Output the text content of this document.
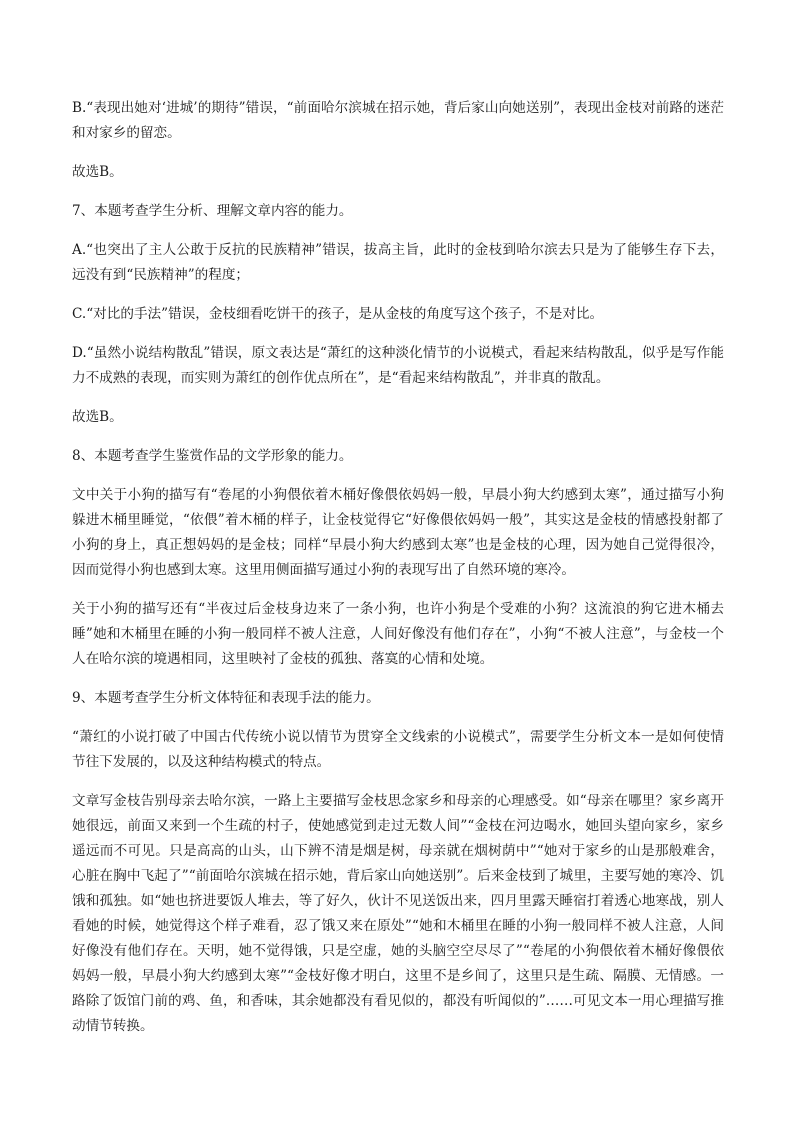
B.“表现出她对‘进城’的期待”错误，“前面哈尔滨城在招示她，背后家山向她送别”，表现出金枝对前路的迷茫和对家乡的留恋。

故选B。

7、本题考查学生分析、理解文章内容的能力。

A.“也突出了主人公敢于反抗的民族精神”错误，拔高主旨，此时的金枝到哈尔滨去只是为了能够生存下去，远没有到“民族精神”的程度；

C.“对比的手法”错误，金枝细看吃饼干的孩子，是从金枝的角度写这个孩子，不是对比。

D.“虽然小说结构散乱”错误，原文表达是“萧红的这种淡化情节的小说模式，看起来结构散乱，似乎是写作能力不成熟的表现，而实则为萧红的创作优点所在”，是“看起来结构散乱”，并非真的散乱。

故选B。

8、本题考查学生鉴赏作品的文学形象的能力。

文中关于小狗的描写有“卷尾的小狗偎依着木桶好像偎依妈妈一般，早晨小狗大约感到太寒”，通过描写小狗躲进木桶里睡觉，“依偎”着木桶的样子，让金枝觉得它“好像偎依妈妈一般”，其实这是金枝的情感投射都了小狗的身上，真正想妈妈的是金枝；同样“早晨小狗大约感到太寒”也是金枝的心理，因为她自己觉得很冷，因而觉得小狗也感到太寒。这里用侧面描写通过小狗的表现写出了自然环境的寒冷。

关于小狗的描写还有“半夜过后金枝身边来了一条小狗，也许小狗是个受难的小狗？这流浪的狗它进木桶去睡”她和木桶里在睡的小狗一般同样不被人注意，人间好像没有他们存在”，小狗“不被人注意”，与金枝一个人在哈尔滨的境遇相同，这里映衬了金枝的孤独、落寞的心情和处境。

9、本题考查学生分析文体特征和表现手法的能力。

“萧红的小说打破了中国古代传统小说以情节为贯穿全文线索的小说模式”，需要学生分析文本一是如何使情节往下发展的，以及这种结构模式的特点。

文章写金枝告别母亲去哈尔滨，一路上主要描写金枝思念家乡和母亲的心理感受。如“母亲在哪里？家乡离开她很远，前面又来到一个生疏的村子，使她感觉到走过无数人间”“金枝在河边喝水，她回头望向家乡，家乡遥远而不可见。只是高高的山头，山下辨不清是烟是树，母亲就在烟树荫中”“她对于家乡的山是那般难舍，心脏在胸中飞起了”“前面哈尔滨城在招示她，背后家山向她送别”。后来金枝到了城里，主要写她的寒冷、饥饿和孤独。如“她也挤进要饭人堆去，等了好久，伙计不见送饭出来，四月里露天睡宿打着透心地寒战，别人看她的时候，她觉得这个样子难看，忍了饿又来在原处”“她和木桶里在睡的小狗一般同样不被人注意，人间好像没有他们存在。天明，她不觉得饿，只是空虚，她的头脑空空尽尽了”“卷尾的小狗偎依着木桶好像偎依妈妈一般，早晨小狗大约感到太寒”“金枝好像才明白，这里不是乡间了，这里只是生疏、隔膜、无情感。一路除了饭馆门前的鸡、鱼，和香味，其余她都没有看见似的，都没有听闻似的”……可见文本一用心理描写推动情节转换。
